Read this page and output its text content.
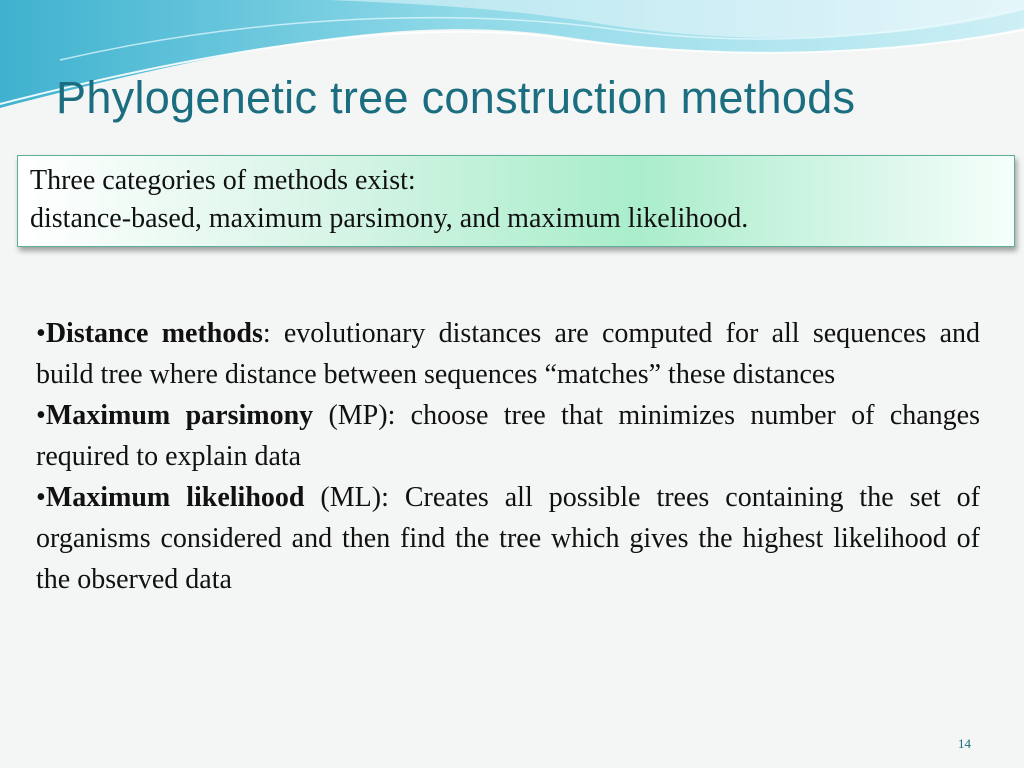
Phylogenetic tree construction methods
Three categories of methods exist:
distance-based, maximum parsimony, and maximum likelihood.

•Distance methods: evolutionary distances are computed for all sequences and build tree where distance between sequences “matches” these distances

•Maximum parsimony (MP): choose tree that minimizes number of changes required to explain data

•Maximum likelihood (ML): Creates all possible trees containing the set of organisms considered and then find the tree which gives the highest likelihood of the observed data

14
